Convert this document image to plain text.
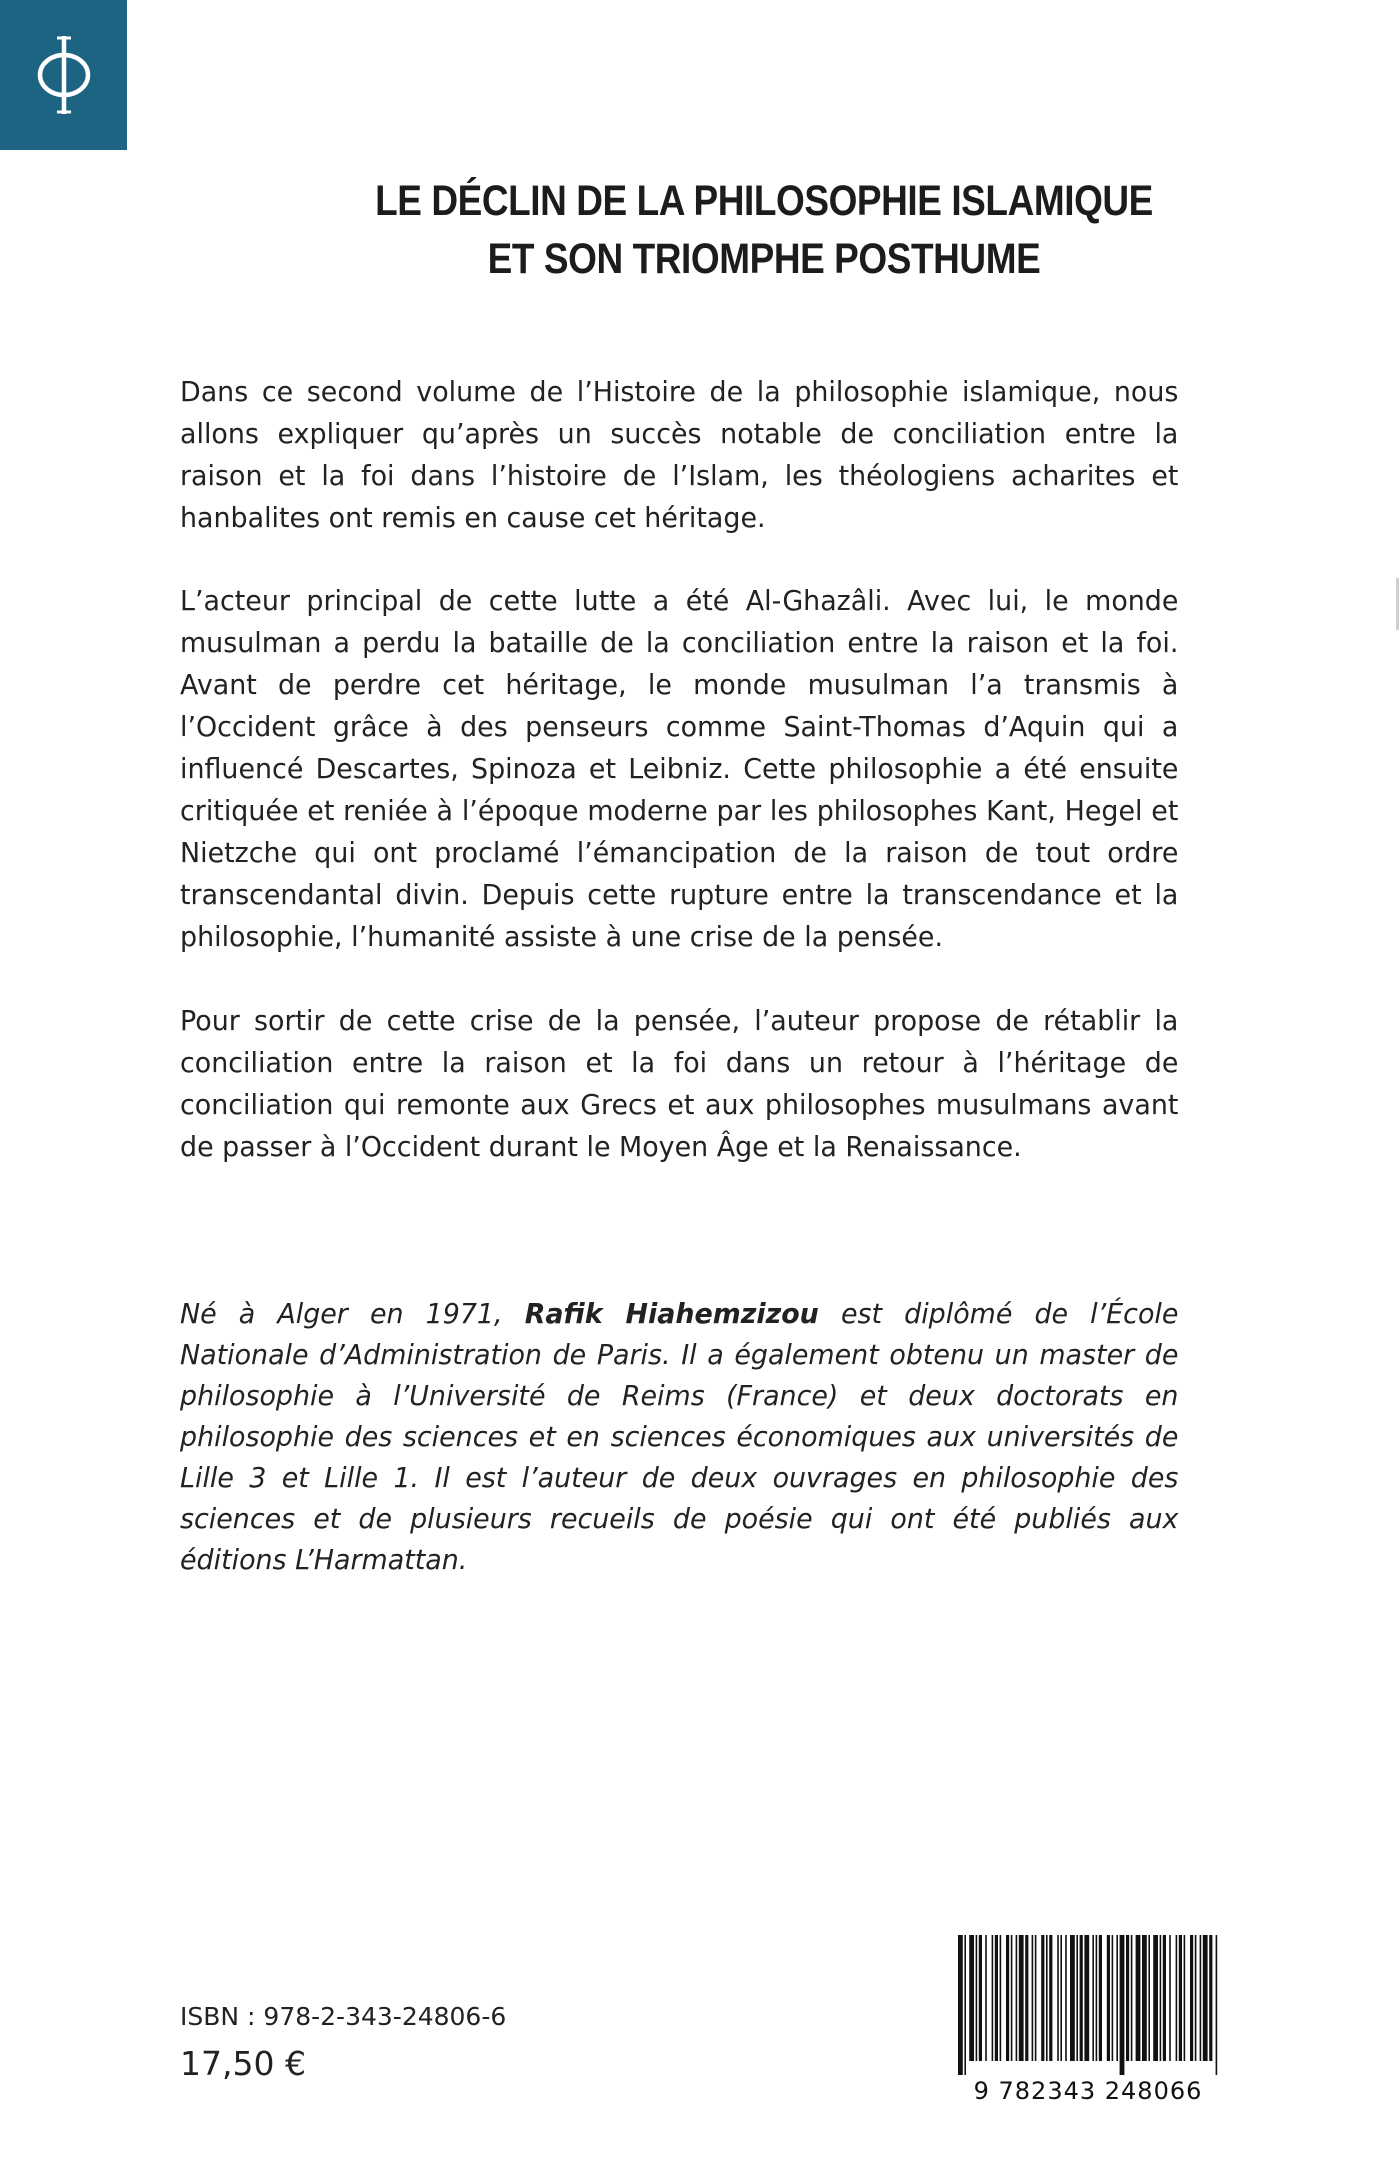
LE DÉCLIN DE LA PHILOSOPHIE ISLAMIQUE
ET SON TRIOMPHE POSTHUME

Dans ce second volume de l’Histoire de la philosophie islamique, nous allons expliquer qu’après un succès notable de conciliation entre la raison et la foi dans l’histoire de l’Islam, les théologiens acharites et hanbalites ont remis en cause cet héritage.

L’acteur principal de cette lutte a été Al-Ghazâli. Avec lui, le monde musulman a perdu la bataille de la conciliation entre la raison et la foi. Avant de perdre cet héritage, le monde musulman l’a transmis à l’Occident grâce à des penseurs comme Saint-Thomas d’Aquin qui a influencé Descartes, Spinoza et Leibniz. Cette philosophie a été ensuite critiquée et reniée à l’époque moderne par les philosophes Kant, Hegel et Nietzche qui ont proclamé l’émancipation de la raison de tout ordre transcendantal divin. Depuis cette rupture entre la transcendance et la philosophie, l’humanité assiste à une crise de la pensée.

Pour sortir de cette crise de la pensée, l’auteur propose de rétablir la conciliation entre la raison et la foi dans un retour à l’héritage de conciliation qui remonte aux Grecs et aux philosophes musulmans avant de passer à l’Occident durant le Moyen Âge et la Renaissance.

Né à Alger en 1971, Rafik Hiahemzizou est diplômé de l’École Nationale d’Administration de Paris. Il a également obtenu un master de philosophie à l’Université de Reims (France) et deux doctorats en philosophie des sciences et en sciences économiques aux universités de Lille 3 et Lille 1. Il est l’auteur de deux ouvrages en philosophie des sciences et de plusieurs recueils de poésie qui ont été publiés aux éditions L’Harmattan.

ISBN : 978-2-343-24806-6
17,50 €
9 782343 248066
